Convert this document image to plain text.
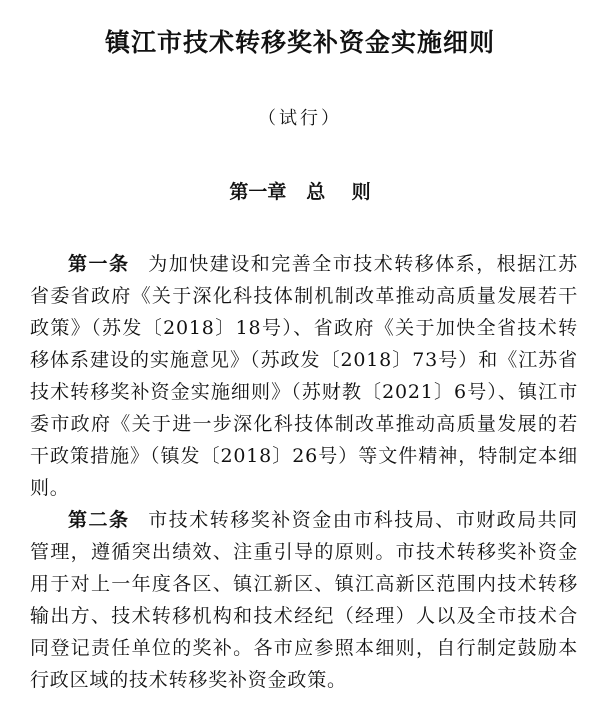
镇江市技术转移奖补资金实施细则
（试行）
第一章   总    则

第一条 为加快建设和完善全市技术转移体系，根据江苏省委省政府《关于深化科技体制机制改革推动高质量发展若干政策》（苏发〔2018〕18号）、省政府《关于加快全省技术转移体系建设的实施意见》（苏政发〔2018〕73号）和《江苏省技术转移奖补资金实施细则》（苏财教〔2021〕6号）、镇江市委市政府《关于进一步深化科技体制改革推动高质量发展的若干政策措施》（镇发〔2018〕26号）等文件精神，特制定本细则。

第二条 市技术转移奖补资金由市科技局、市财政局共同管理，遵循突出绩效、注重引导的原则。市技术转移奖补资金用于对上一年度各区、镇江新区、镇江高新区范围内技术转移输出方、技术转移机构和技术经纪（经理）人以及全市技术合同登记责任单位的奖补。各市应参照本细则，自行制定鼓励本行政区域的技术转移奖补资金政策。
